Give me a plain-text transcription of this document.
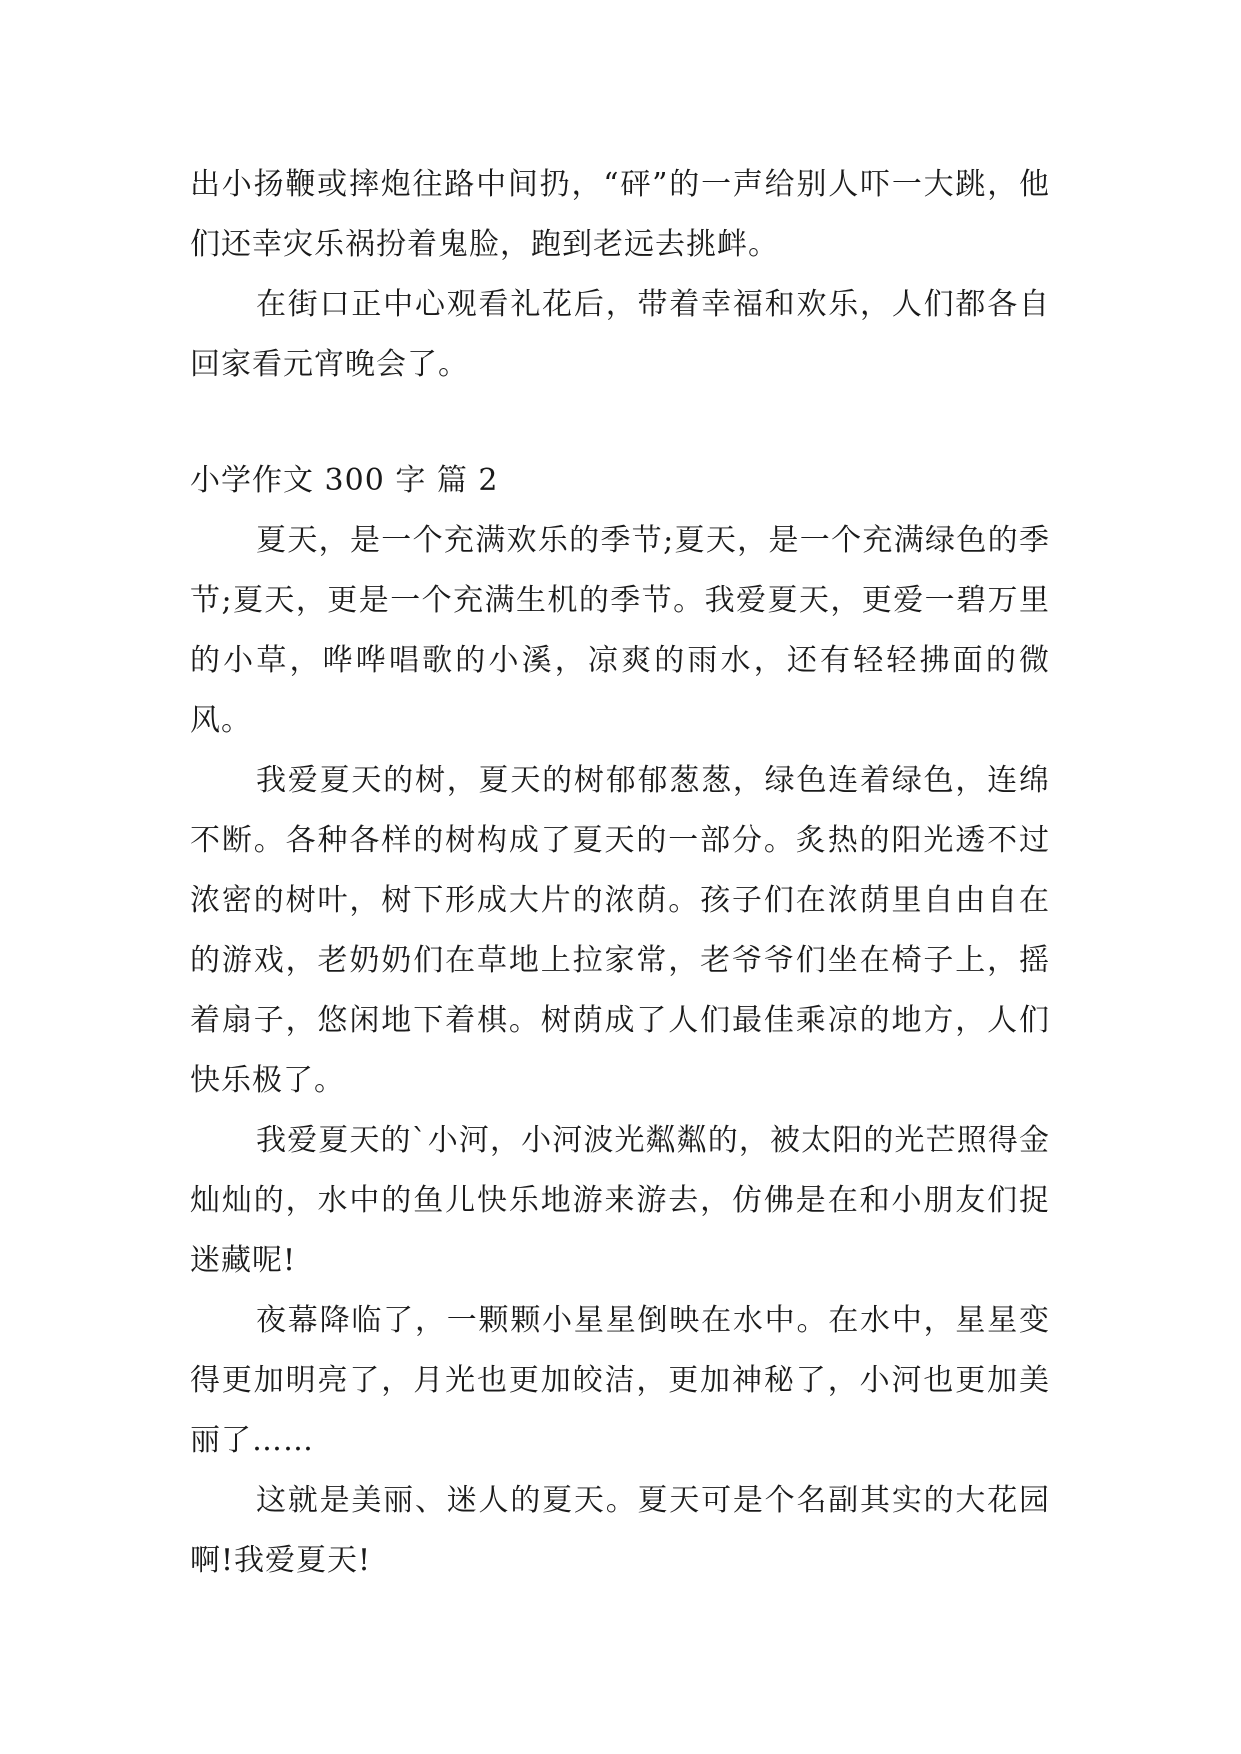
出小扬鞭或摔炮往路中间扔，“砰”的一声给别人吓一大跳，他们还幸灾乐祸扮着鬼脸，跑到老远去挑衅。

在街口正中心观看礼花后，带着幸福和欢乐，人们都各自回家看元宵晚会了。

小学作文 300 字 篇 2

夏天，是一个充满欢乐的季节;夏天，是一个充满绿色的季节;夏天，更是一个充满生机的季节。我爱夏天，更爱一碧万里的小草，哗哗唱歌的小溪，凉爽的雨水，还有轻轻拂面的微风。

我爱夏天的树，夏天的树郁郁葱葱，绿色连着绿色，连绵不断。各种各样的树构成了夏天的一部分。炙热的阳光透不过浓密的树叶，树下形成大片的浓荫。孩子们在浓荫里自由自在的游戏，老奶奶们在草地上拉家常，老爷爷们坐在椅子上，摇着扇子，悠闲地下着棋。树荫成了人们最佳乘凉的地方，人们快乐极了。

我爱夏天的`小河，小河波光粼粼的，被太阳的光芒照得金灿灿的，水中的鱼儿快乐地游来游去，仿佛是在和小朋友们捉迷藏呢!

夜幕降临了，一颗颗小星星倒映在水中。在水中，星星变得更加明亮了，月光也更加皎洁，更加神秘了，小河也更加美丽了……

这就是美丽、迷人的夏天。夏天可是个名副其实的大花园啊!我爱夏天!
